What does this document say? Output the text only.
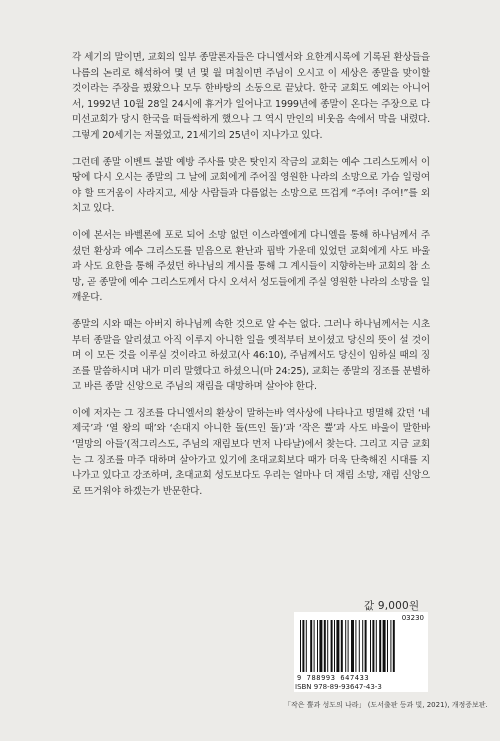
각 세기의 말이면, 교회의 일부 종말론자들은 다니엘서와 요한계시록에 기록된 환상들을 나름의 논리로 해석하여 몇 년 몇 월 며칠이면 주님이 오시고 이 세상은 종말을 맞이할 것이라는 주장을 폈왔으나 모두 한바탕의 소동으로 끝났다. 한국 교회도 예외는 아니어서, 1992년 10월 28일 24시에 휴거가 일어나고 1999년에 종말이 온다는 주장으로 다미선교회가 당시 한국을 떠들썩하게 했으나 그 역시 만인의 비웃음 속에서 막을 내렸다. 그렇게 20세기는 저물었고, 21세기의 25년이 지나가고 있다.

그런데 종말 이벤트 불발 예방 주사를 맞은 탓인지 작금의 교회는 예수 그리스도께서 이 땅에 다시 오시는 종말의 그 날에 교회에게 주어질 영원한 나라의 소망으로 가슴 일렁여야 할 뜨거움이 사라지고, 세상 사람들과 다름없는 소망으로 뜨겁게 “주여! 주여!”를 외치고 있다.

이에 본서는 바벨론에 포로 되어 소망 없던 이스라엘에게 다니엘을 통해 하나님께서 주셨던 환상과 예수 그리스도를 믿음으로 환난과 핍박 가운데 있었던 교회에게 사도 바울과 사도 요한을 통해 주셨던 하나님의 계시를 통해 그 계시들이 지향하는바 교회의 참 소망, 곧 종말에 예수 그리스도께서 다시 오셔서 성도들에게 주실 영원한 나라의 소망을 일깨운다.

종말의 시와 때는 아버지 하나님께 속한 것으로 알 수는 없다. 그러나 하나님께서는 시초부터 종말을 알리셨고 아직 이루지 아니한 일을 옛적부터 보이셨고 당신의 뜻이 설 것이며 이 모든 것을 이루실 것이라고 하셨고(사 46:10), 주님께서도 당신이 임하실 때의 징조를 말씀하시며 내가 미리 말했다고 하셨으니(마 24:25), 교회는 종말의 징조를 분별하고 바른 종말 신앙으로 주님의 재림을 대망하며 살아야 한다.

이에 저자는 그 징조를 다니엘서의 환상이 말하는바 역사상에 나타나고 명멸해 갔던 ‘네 제국’과 ‘열 왕의 때’와 ‘손대지 아니한 돌(뜨인 돌)’과 ‘작은 뿔’과 사도 바울이 말한바 ‘멸망의 아들’(적그리스도, 주님의 재림보다 먼저 나타날)에서 찾는다. 그리고 지금 교회는 그 징조를 마주 대하며 살아가고 있기에 초대교회보다 때가 더욱 단축해진 시대를 지나가고 있다고 강조하며, 초대교회 성도보다도 우리는 얼마나 더 재림 소망, 재림 신앙으로 뜨거워야 하겠는가 반문한다.

값 9,000원
03230
9 788993 647433
ISBN 978-89-93647-43-3
「작은 뿔과 성도의 나라」 (도서출판 등과 빛, 2021), 개정증보판.
